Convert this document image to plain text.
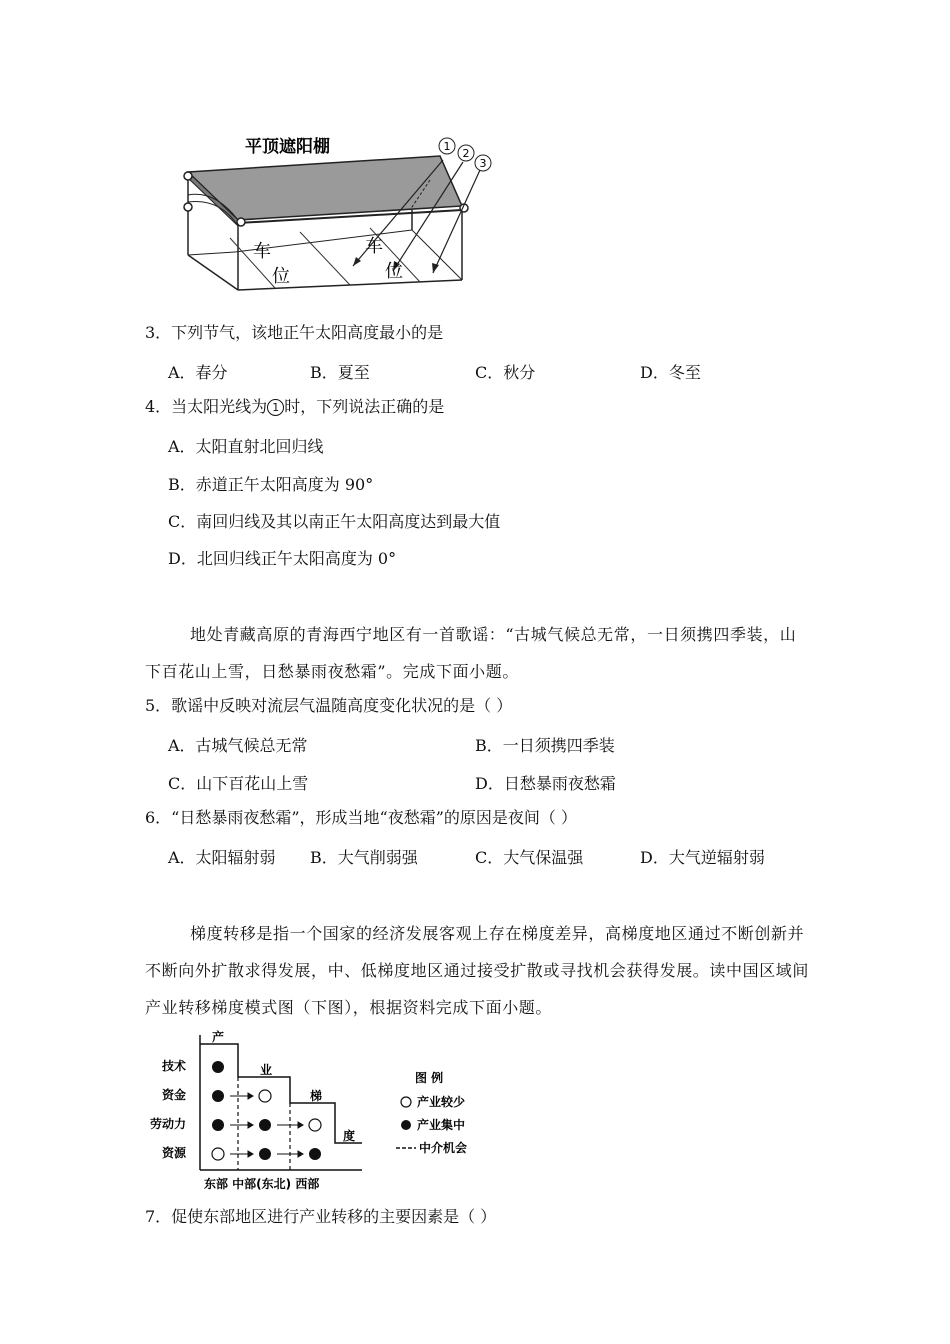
1
2
3
平顶遮阳棚
车
位
车
位
3．下列节气，该地正午太阳高度最小的是
A．春分	B．夏至	C．秋分	D．冬至
4．当太阳光线为 1 时，下列说法正确的是
A．太阳直射北回归线
B．赤道正午太阳高度为 90°
C．南回归线及其以南正午太阳高度达到最大值
D．北回归线正午太阳高度为 0°
地处青藏高原的青海西宁地区有一首歌谣：“古城气候总无常，一日须携四季装，山
下百花山上雪，日愁暴雨夜愁霜”。完成下面小题。
5．歌谣中反映对流层气温随高度变化状况的是（ ）
A．古城气候总无常	B．一日须携四季装
C．山下百花山上雪	D．日愁暴雨夜愁霜
6．“日愁暴雨夜愁霜”，形成当地“夜愁霜”的原因是夜间（ ）
A．太阳辐射弱 B．大气削弱强	C．大气保温强	D．大气逆辐射弱
梯度转移是指一个国家的经济发展客观上存在梯度差异，高梯度地区通过不断创新并
不断向外扩散求得发展，中、低梯度地区通过接受扩散或寻找机会获得发展。读中国区域间
产业转移梯度模式图（下图），根据资料完成下面小题。
产
业
梯
度
技术
资金
劳动力
资源
东部 中部(东北) 西部
图 例
产业较少
产业集中
中介机会
7．促使东部地区进行产业转移的主要因素是（ ）
